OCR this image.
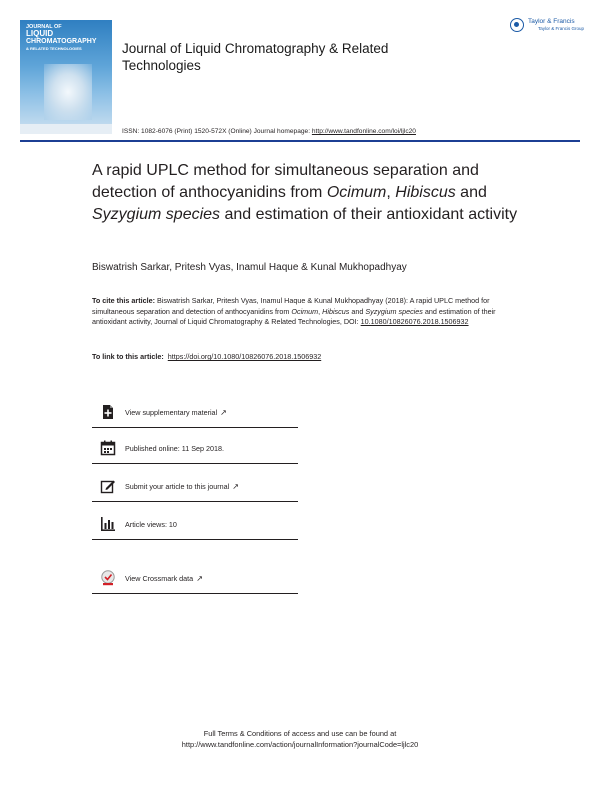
JOURNAL OF
LIQUID
CHROMATOGRAPHY
& RELATED TECHNOLOGIES	Journal of Liquid Chromatography & Related Technologies
Taylor & Francis
Taylor & Francis Group
ISSN: 1082-6076 (Print) 1520-572X (Online) Journal homepage: http://www.tandfonline.com/loi/ljlc20
A rapid UPLC method for simultaneous separation and detection of anthocyanidins from Ocimum, Hibiscus and Syzygium species and estimation of their antioxidant activity
Biswatrish Sarkar, Pritesh Vyas, Inamul Haque & Kunal Mukhopadhyay
To cite this article: Biswatrish Sarkar, Pritesh Vyas, Inamul Haque & Kunal Mukhopadhyay (2018): A rapid UPLC method for simultaneous separation and detection of anthocyanidins from Ocimum, Hibiscus and Syzygium species and estimation of their antioxidant activity, Journal of Liquid Chromatography & Related Technologies, DOI: 10.1080/10826076.2018.1506932
To link to this article: https://doi.org/10.1080/10826076.2018.1506932
View supplementary material ↗
Published online: 11 Sep 2018.
Submit your article to this journal ↗
Article views: 10
View Crossmark data ↗
Full Terms & Conditions of access and use can be found at
http://www.tandfonline.com/action/journalInformation?journalCode=ljlc20
